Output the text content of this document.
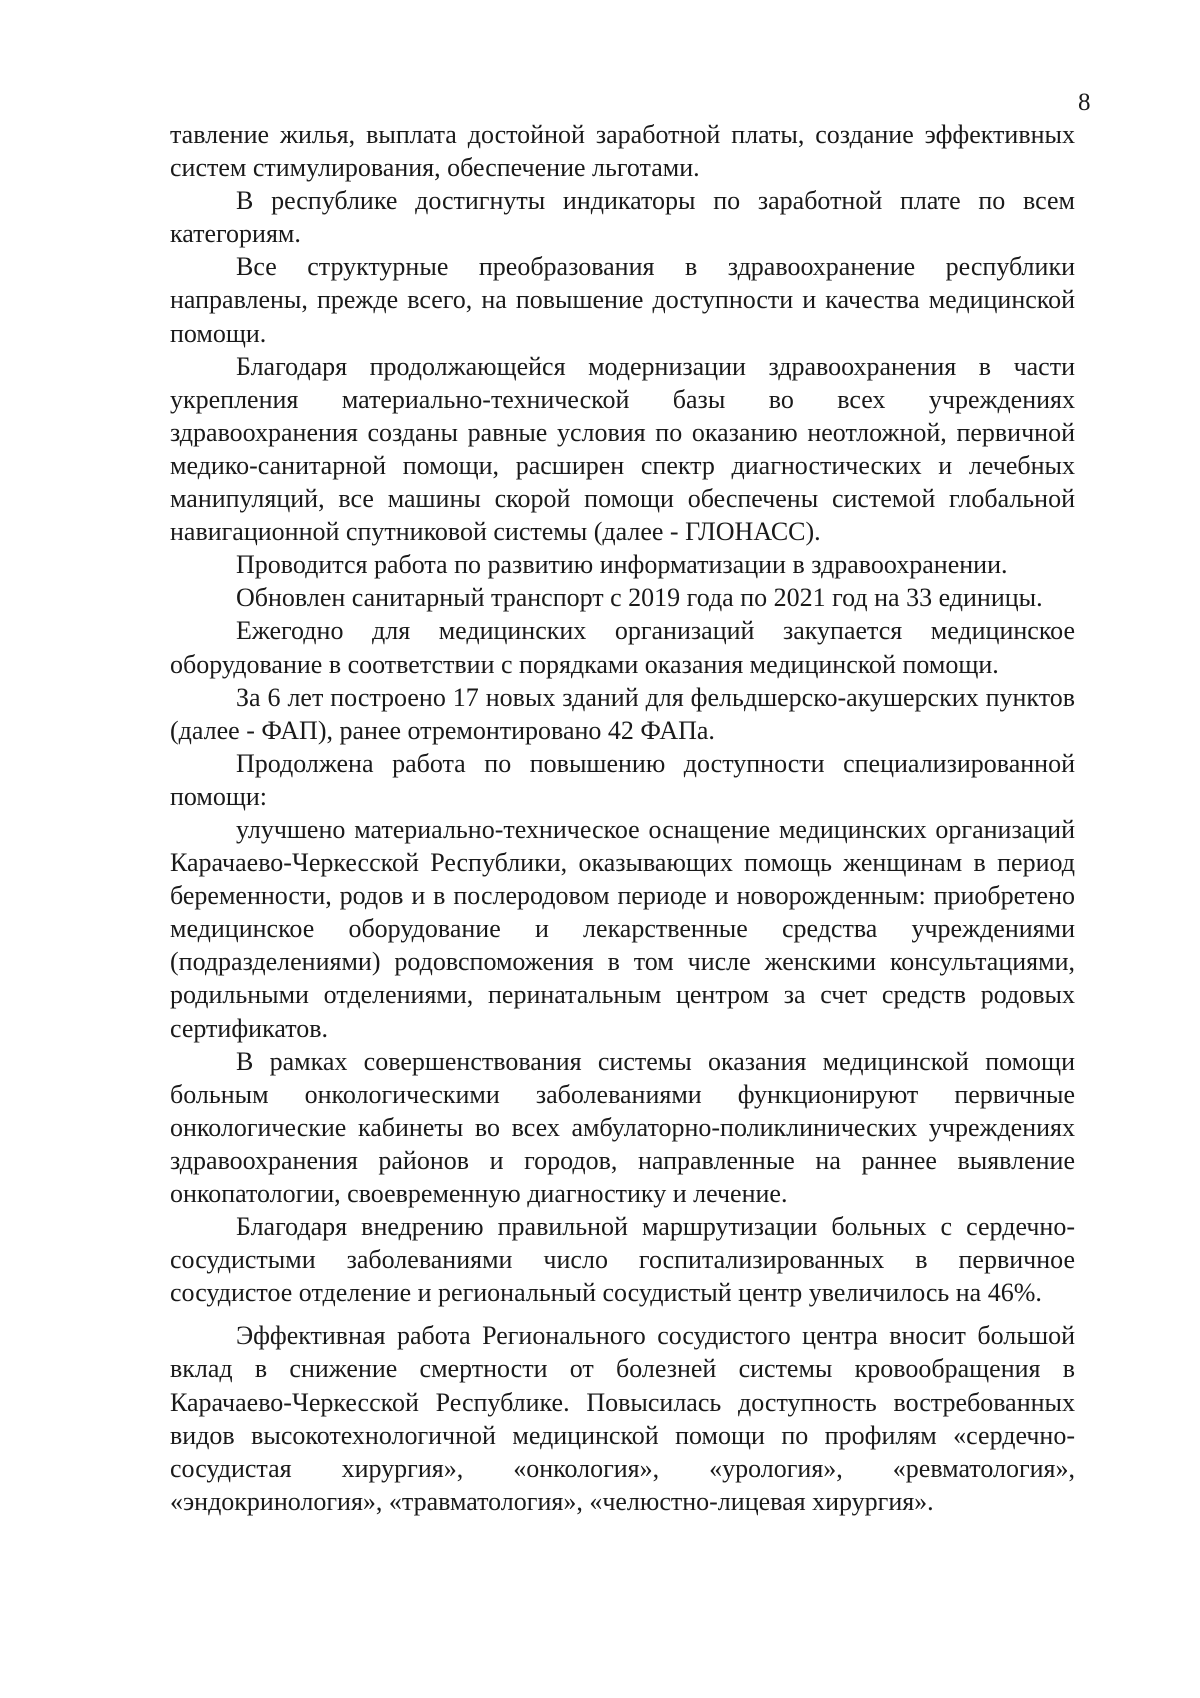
8

тавление жилья, выплата достойной заработной платы, создание эффективных систем стимулирования, обеспечение льготами.

В республике достигнуты индикаторы по заработной плате по всем категориям.

Все структурные преобразования в здравоохранение республики направлены, прежде всего, на повышение доступности и качества медицинской помощи.

Благодаря продолжающейся модернизации здравоохранения в части укрепления материально-технической базы во всех учреждениях здравоохранения созданы равные условия по оказанию неотложной, первичной медико-санитарной помощи, расширен спектр диагностических и лечебных манипуляций, все машины скорой помощи обеспечены системой глобальной навигационной спутниковой системы (далее - ГЛОНАСС).

Проводится работа по развитию информатизации в здравоохранении.

Обновлен санитарный транспорт с 2019 года по 2021 год на 33 единицы.

Ежегодно для медицинских организаций закупается медицинское оборудование в соответствии с порядками оказания медицинской помощи.

За 6 лет построено 17 новых зданий для фельдшерско-акушерских пунктов (далее - ФАП), ранее отремонтировано 42 ФАПа.

Продолжена работа по повышению доступности специализированной помощи:

улучшено материально-техническое оснащение медицинских организаций Карачаево-Черкесской Республики, оказывающих помощь женщинам в период беременности, родов и в послеродовом периоде и новорожденным: приобретено медицинское оборудование и лекарственные средства учреждениями (подразделениями) родовспоможения в том числе женскими консультациями, родильными отделениями, перинатальным центром за счет средств родовых сертификатов.

В рамках совершенствования системы оказания медицинской помощи больным онкологическими заболеваниями функционируют первичные онкологические кабинеты во всех амбулаторно-поликлинических учреждениях здравоохранения районов и городов, направленные на раннее выявление онкопатологии, своевременную диагностику и лечение.

Благодаря внедрению правильной маршрутизации больных с сердечно-сосудистыми заболеваниями число госпитализированных в первичное сосудистое отделение и региональный сосудистый центр увеличилось на 46%.

Эффективная работа Регионального сосудистого центра вносит большой вклад в снижение смертности от болезней системы кровообращения в Карачаево-Черкесской Республике. Повысилась доступность востребованных видов высокотехнологичной медицинской помощи по профилям «сердечно-сосудистая хирургия», «онкология», «урология», «ревматология», «эндокринология», «травматология», «челюстно-лицевая хирургия».
